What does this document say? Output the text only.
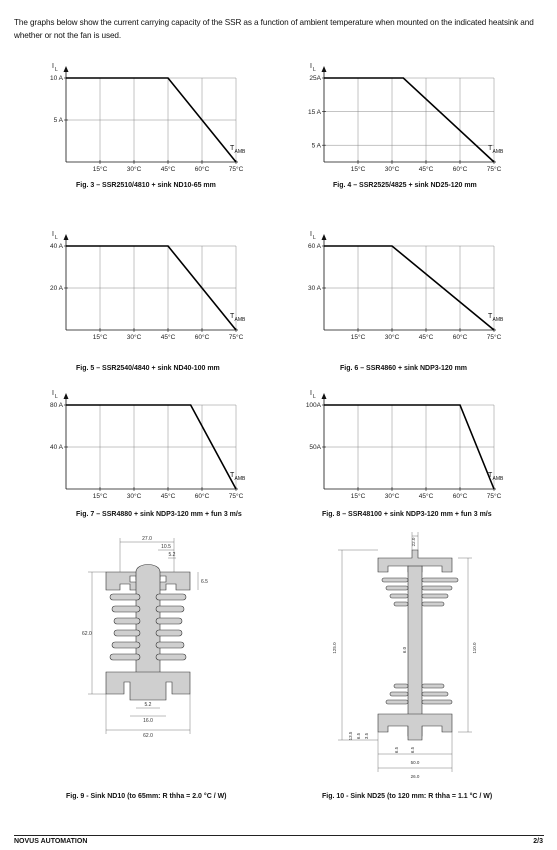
The graphs below show the current carrying capacity of the SSR as a function of ambient temperature when mounted on the indicated heatsink and whether or not the fan is used.

15°C	30°C	45°C	60°C	75°C
5 A
10 A
I L
T AMB
Fig. 3 – SSR2510/4810 + sink ND10-65 mm
15°C	30°C	45°C	60°C	75°C
5 A
15 A
25A
I L
T AMB
Fig. 4 – SSR2525/4825 + sink ND25-120 mm
15°C	30°C	45°C	60°C	75°C
20 A
40 A
I L
T AMB
Fig. 5 – SSR2540/4840 + sink ND40-100 mm
15°C	30°C	45°C	60°C	75°C
30 A
60 A
I L
T AMB
Fig. 6 – SSR4860 + sink NDP3-120 mm
15°C	30°C	45°C	60°C	75°C
40 A
80 A
I L
T AMB
Fig. 7 – SSR4880 + sink NDP3-120 mm + fun 3 m/s
15°C	30°C	45°C	60°C	75°C
50A
100A
I L
T AMB
Fig. 8 – SSR48100 + sink NDP3-120 mm + fun 3 m/s
27.0
10.5
5.2
6.5
62.0
5.2
16.0
62.0
Fig. 9 - Sink ND10 (to 65mm: R thha = 2.0 °C / W)
22.0
125.0	110.0
6.0
13.5 6.5 3.5
6.5 6.5
50.0
26.0
Fig. 10 - Sink ND25 (to 120 mm: R thha = 1.1 °C / W)
NOVUS AUTOMATION	2/3
